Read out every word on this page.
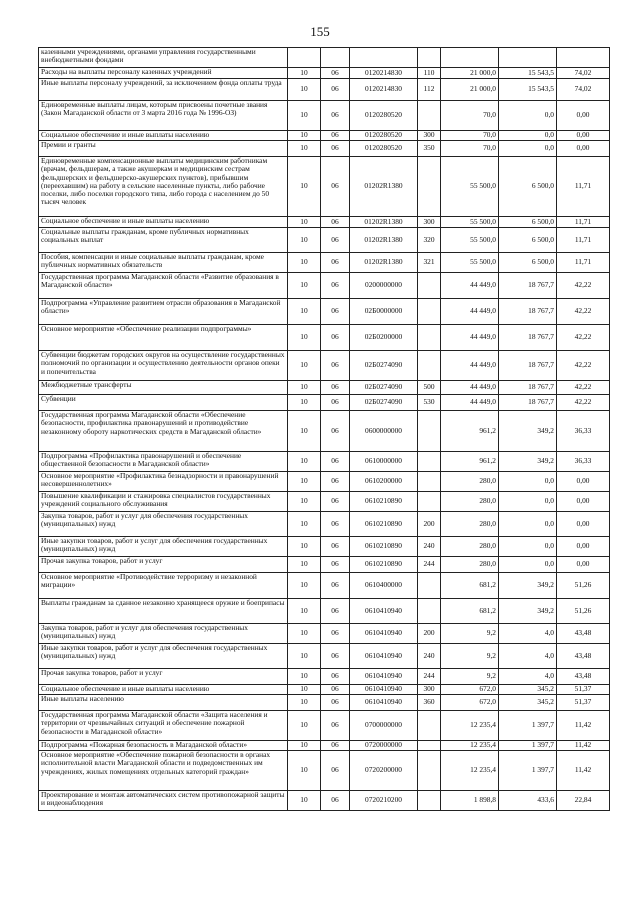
155
казенными учреждениями, органами управления государственными внебюджетными фондами							
Расходы на выплаты персоналу казенных учреждений	10	06	0120214830	110	21 000,0	15 543,5	74,02
Иные выплаты персоналу учреждений, за исключением фонда оплаты труда	10	06	0120214830	112	21 000,0	15 543,5	74,02
Единовременные выплаты лицам, которым присвоены почетные звания (Закон Магаданской области от 3 марта 2016 года № 1996-ОЗ)	10	06	0120280520		70,0	0,0	0,00
Социальное обеспечение и иные выплаты населению	10	06	0120280520	300	70,0	0,0	0,00
Премии и гранты	10	06	0120280520	350	70,0	0,0	0,00
Единовременные компенсационные выплаты медицинским работникам (врачам, фельдшерам, а также акушеркам и медицинским сестрам фельдшерских и фельдшерско-акушерских пунктов), прибывшим (переехавшим) на работу в сельские населенные пункты, либо рабочие поселки, либо поселки городского типа, либо города с населением до 50 тысяч человек	10	06	01202R1380		55 500,0	6 500,0	11,71
Социальное обеспечение и иные выплаты населению	10	06	01202R1380	300	55 500,0	6 500,0	11,71
Социальные выплаты гражданам, кроме публичных нормативных социальных выплат	10	06	01202R1380	320	55 500,0	6 500,0	11,71
Пособия, компенсации и иные социальные выплаты гражданам, кроме публичных нормативных обязательств	10	06	01202R1380	321	55 500,0	6 500,0	11,71
Государственная программа Магаданской области «Развитие образования в Магаданской области»	10	06	0200000000		44 449,0	18 767,7	42,22
Подпрограмма «Управление развитием отрасли образования в Магаданской области»	10	06	02Б0000000		44 449,0	18 767,7	42,22
Основное мероприятие «Обеспечение реализации подпрограммы»	10	06	02Б0200000		44 449,0	18 767,7	42,22
Субвенции бюджетам городских округов на осуществление государственных полномочий по организации и осуществлению деятельности органов опеки и попечительства	10	06	02Б0274090		44 449,0	18 767,7	42,22
Межбюджетные трансферты	10	06	02Б0274090	500	44 449,0	18 767,7	42,22
Субвенции	10	06	02Б0274090	530	44 449,0	18 767,7	42,22
Государственная программа Магаданской области «Обеспечение безопасности, профилактика правонарушений и противодействие незаконному обороту наркотических средств в Магаданской области»	10	06	0600000000		961,2	349,2	36,33
Подпрограмма «Профилактика правонарушений и обеспечение общественной безопасности в Магаданской области»	10	06	0610000000		961,2	349,2	36,33
Основное мероприятие «Профилактика безнадзорности и правонарушений несовершеннолетних»	10	06	0610200000		280,0	0,0	0,00
Повышение квалификации и стажировка специалистов государственных учреждений социального обслуживания	10	06	0610210890		280,0	0,0	0,00
Закупка товаров, работ и услуг для обеспечения государственных (муниципальных) нужд	10	06	0610210890	200	280,0	0,0	0,00
Иные закупки товаров, работ и услуг для обеспечения государственных (муниципальных) нужд	10	06	0610210890	240	280,0	0,0	0,00
Прочая закупка товаров, работ и услуг	10	06	0610210890	244	280,0	0,0	0,00
Основное мероприятие «Противодействие терроризму и незаконной миграции»	10	06	0610400000		681,2	349,2	51,26
Выплаты гражданам за сданное незаконно хранящееся оружие и боеприпасы	10	06	0610410940		681,2	349,2	51,26
Закупка товаров, работ и услуг для обеспечения государственных (муниципальных) нужд	10	06	0610410940	200	9,2	4,0	43,48
Иные закупки товаров, работ и услуг для обеспечения государственных (муниципальных) нужд	10	06	0610410940	240	9,2	4,0	43,48
Прочая закупка товаров, работ и услуг	10	06	0610410940	244	9,2	4,0	43,48
Социальное обеспечение и иные выплаты населению	10	06	0610410940	300	672,0	345,2	51,37
Иные выплаты населению	10	06	0610410940	360	672,0	345,2	51,37
Государственная программа Магаданской области «Защита населения и территории от чрезвычайных ситуаций и обеспечение пожарной безопасности в Магаданской области»	10	06	0700000000		12 235,4	1 397,7	11,42
Подпрограмма «Пожарная безопасность в Магаданской области»	10	06	0720000000		12 235,4	1 397,7	11,42
Основное мероприятие «Обеспечение пожарной безопасности в органах исполнительной власти Магаданской области и подведомственных им учреждениях, жилых помещениях отдельных категорий граждан»	10	06	0720200000		12 235,4	1 397,7	11,42
Проектирование и монтаж автоматических систем противопожарной защиты и видеонаблюдения	10	06	0720210200		1 898,8	433,6	22,84
